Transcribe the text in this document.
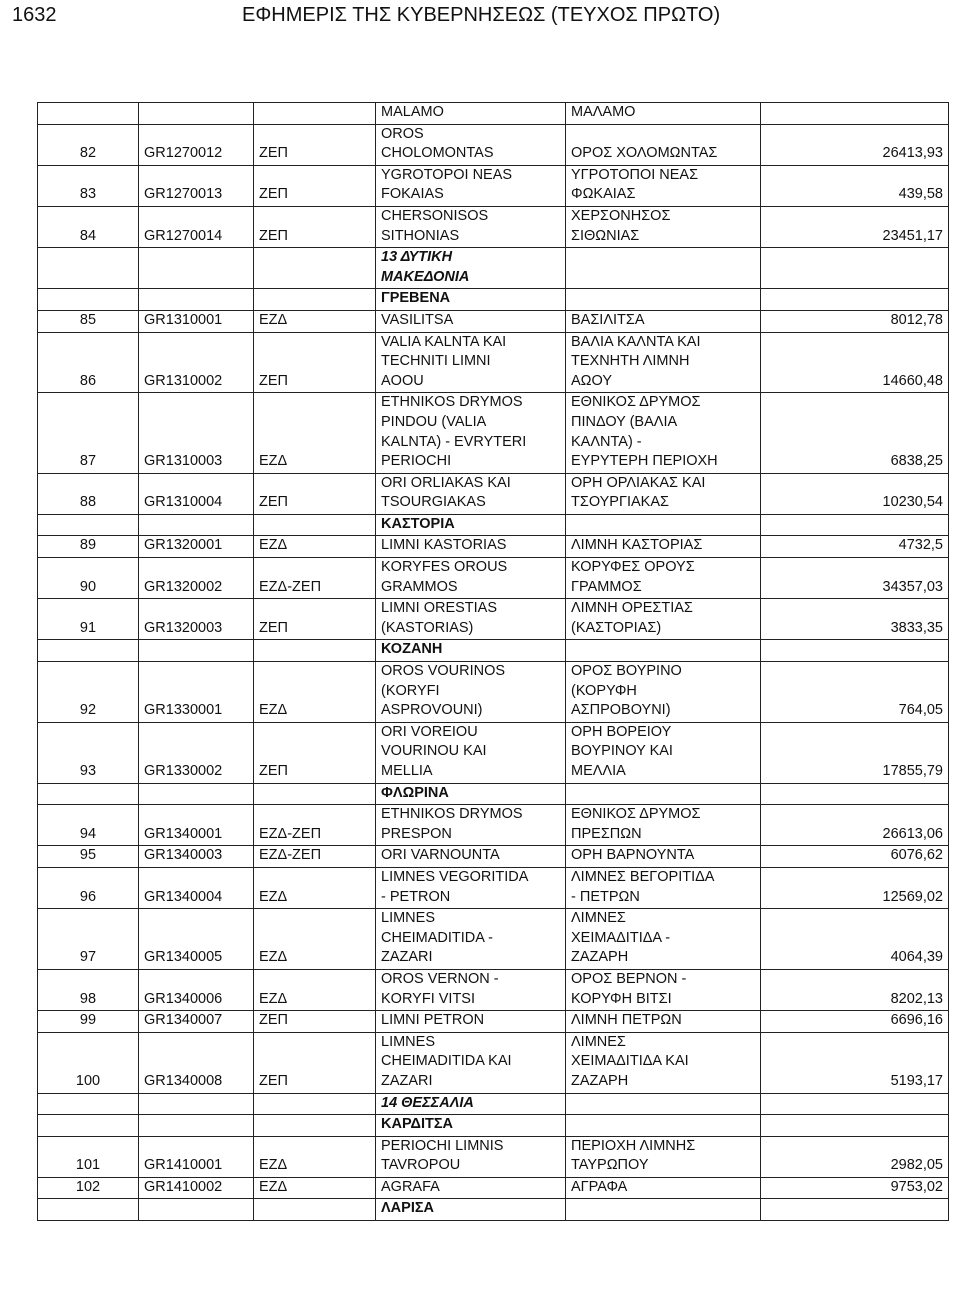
1632	ΕΦΗΜΕΡΙΣ ΤΗΣ ΚΥΒΕΡΝΗΣΕΩΣ (ΤΕΥΧΟΣ ΠΡΩΤΟ)
			MALAMO	ΜΑΛΑΜΟ	
82	GR1270012	ΖΕΠ	OROS
CHOLOMONTAS	ΟΡΟΣ ΧΟΛΟΜΩΝΤΑΣ	26413,93
83	GR1270013	ΖΕΠ	YGROTOPOI NEAS
FOKAIAS	ΥΓΡΟΤΟΠΟΙ ΝΕΑΣ
ΦΩΚΑΙΑΣ	439,58
84	GR1270014	ΖΕΠ	CHERSONISOS
SITHONIAS	ΧΕΡΣΟΝΗΣΟΣ
ΣΙΘΩΝΙΑΣ	23451,17
			13 ΔΥΤΙΚΗ
ΜΑΚΕΔΟΝΙΑ		
			ΓΡΕΒΕΝΑ		
85	GR1310001	ΕΖΔ	VASILITSA	ΒΑΣΙΛΙΤΣΑ	8012,78
86	GR1310002	ΖΕΠ	VALIA KALNTA KAI
TECHNITI LIMNI
AOOU	ΒΑΛΙΑ ΚΑΛΝΤΑ ΚΑΙ
ΤΕΧΝΗΤΗ ΛΙΜΝΗ
ΑΩΟΥ	14660,48
87	GR1310003	ΕΖΔ	ETHNIKOS DRYMOS
PINDOU (VALIA
KALNTA) - EVRYTERI
PERIOCHI	ΕΘΝΙΚΟΣ ΔΡΥΜΟΣ
ΠΙΝΔΟΥ (ΒΑΛΙΑ
ΚΑΛΝΤΑ) -
ΕΥΡΥΤΕΡΗ ΠΕΡΙΟΧΗ	6838,25
88	GR1310004	ΖΕΠ	ORI ORLIAKAS KAI
TSOURGIAKAS	ΟΡΗ ΟΡΛΙΑΚΑΣ ΚΑΙ
ΤΣΟΥΡΓΙΑΚΑΣ	10230,54
			ΚΑΣΤΟΡΙΑ		
89	GR1320001	ΕΖΔ	LIMNI KASTORIAS	ΛΙΜΝΗ ΚΑΣΤΟΡΙΑΣ	4732,5
90	GR1320002	ΕΖΔ-ΖΕΠ	KORYFES OROUS
GRAMMOS	ΚΟΡΥΦΕΣ ΟΡΟΥΣ
ΓΡΑΜΜΟΣ	34357,03
91	GR1320003	ΖΕΠ	LIMNI ORESTIAS
(KASTORIAS)	ΛΙΜΝΗ ΟΡΕΣΤΙΑΣ
(ΚΑΣΤΟΡΙΑΣ)	3833,35
			ΚΟΖΑΝΗ		
92	GR1330001	ΕΖΔ	OROS VOURINOS
(KORYFI
ASPROVOUNI)	ΟΡΟΣ ΒΟΥΡΙΝΟ
(ΚΟΡΥΦΗ
ΑΣΠΡΟΒΟΥΝΙ)	764,05
93	GR1330002	ΖΕΠ	ORI VOREIOU
VOURINOU KAI
MELLIA	ΟΡΗ ΒΟΡΕΙΟΥ
ΒΟΥΡΙΝΟΥ ΚΑΙ
ΜΕΛΛΙΑ	17855,79
			ΦΛΩΡΙΝΑ		
94	GR1340001	ΕΖΔ-ΖΕΠ	ETHNIKOS DRYMOS
PRESPON	ΕΘΝΙΚΟΣ ΔΡΥΜΟΣ
ΠΡΕΣΠΩΝ	26613,06
95	GR1340003	ΕΖΔ-ΖΕΠ	ORI VARNOUNTA	ΟΡΗ ΒΑΡΝΟΥΝΤΑ	6076,62
96	GR1340004	ΕΖΔ	LIMNES VEGORITIDA
- PETRON	ΛΙΜΝΕΣ ΒΕΓΟΡΙΤΙΔΑ
- ΠΕΤΡΩΝ	12569,02
97	GR1340005	ΕΖΔ	LIMNES
CHEIMADITIDA -
ZAZARI	ΛΙΜΝΕΣ
ΧΕΙΜΑΔΙΤΙΔΑ -
ΖΑΖΑΡΗ	4064,39
98	GR1340006	ΕΖΔ	OROS VERNON -
KORYFI VITSI	ΟΡΟΣ ΒΕΡΝΟΝ -
ΚΟΡΥΦΗ ΒΙΤΣΙ	8202,13
99	GR1340007	ΖΕΠ	LIMNI PETRON	ΛΙΜΝΗ ΠΕΤΡΩΝ	6696,16
100	GR1340008	ΖΕΠ	LIMNES
CHEIMADITIDA KAI
ZAZARI	ΛΙΜΝΕΣ
ΧΕΙΜΑΔΙΤΙΔΑ ΚΑΙ
ΖΑΖΑΡΗ	5193,17
			14 ΘΕΣΣΑΛΙΑ		
			ΚΑΡΔΙΤΣΑ		
101	GR1410001	ΕΖΔ	PERIOCHI LIMNIS
TAVROPOU	ΠΕΡΙΟΧΗ ΛΙΜΝΗΣ
ΤΑΥΡΩΠΟΥ	2982,05
102	GR1410002	ΕΖΔ	AGRAFA	ΑΓΡΑΦΑ	9753,02
			ΛΑΡΙΣΑ		
